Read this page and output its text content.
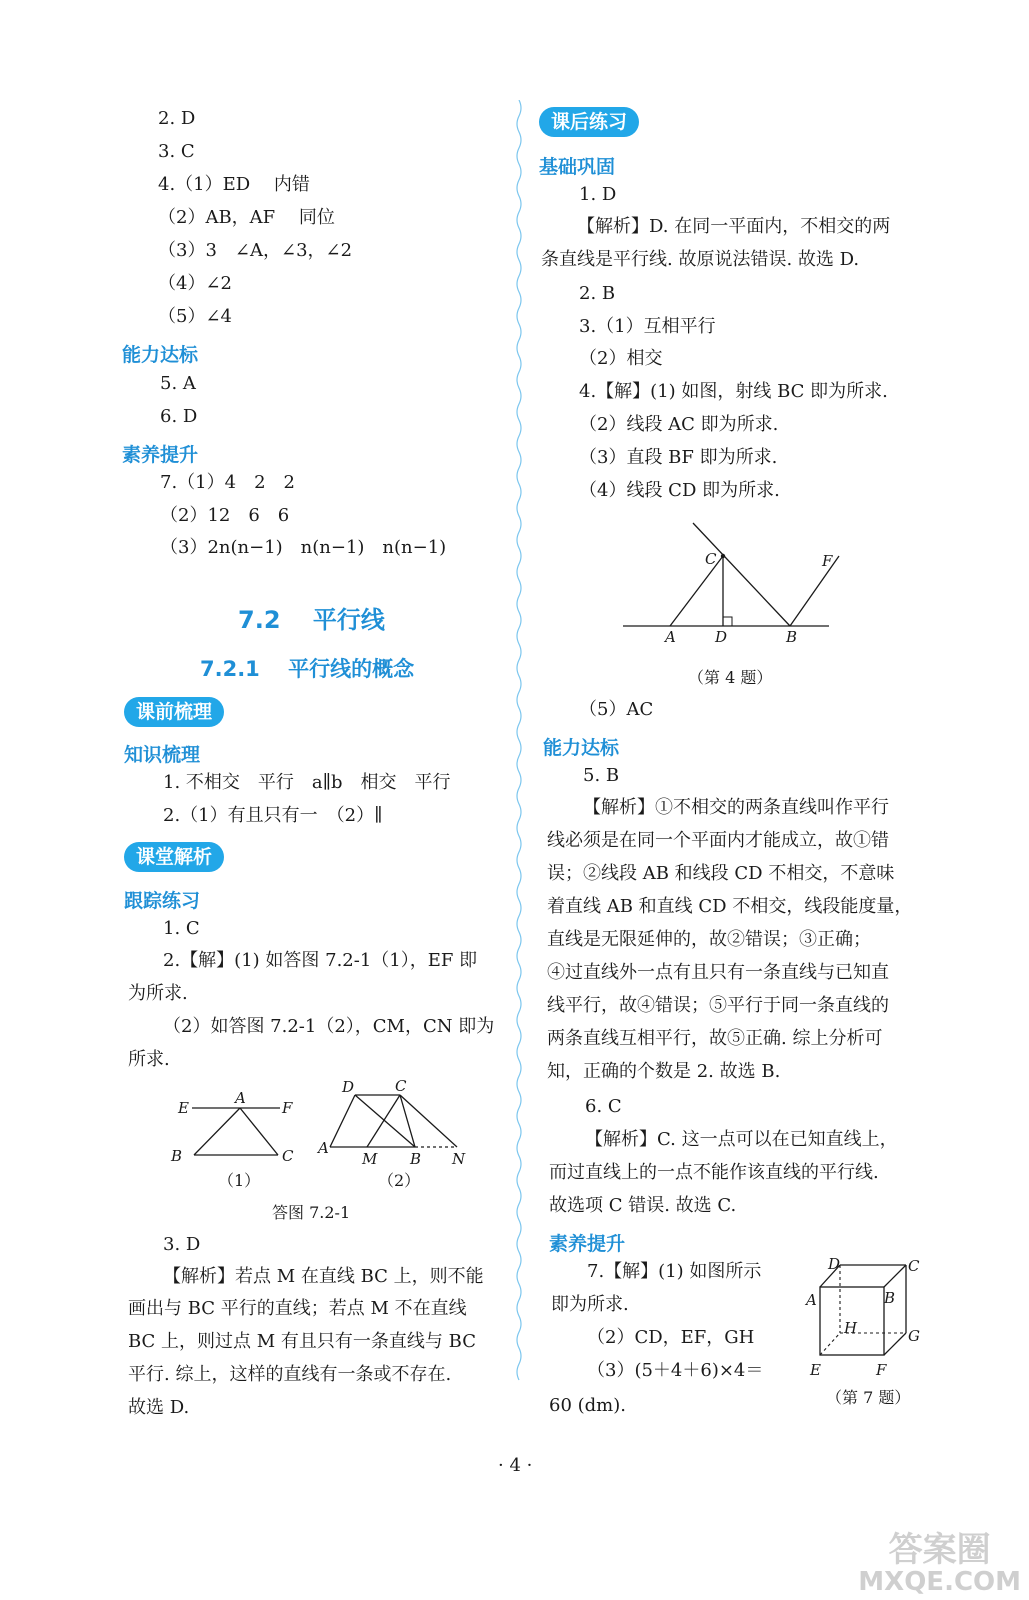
2. D
3. C
4.（1）ED　 内错
（2）AB，AF　 同位
（3）3　∠A，∠3，∠2
（4）∠2
（5）∠4
能力达标
5. A
6. D
素养提升
7.（1）4　2　2
（2）12　6　6
（3）2n(n−1)　n(n−1)　n(n−1)
7.2　 平行线
7.2.1　 平行线的概念
课前梳理
知识梳理
1. 不相交　平行　a∥b　相交　平行
2.（1）有且只有一　（2）∥
课堂解析
跟踪练习
1. C
2.【解】(1) 如答图 7.2-1（1），EF 即
为所求.
（2）如答图 7.2-1（2），CM，CN 即为
所求.
E
A
F
B	C
D	C
A
M B N
（1）	（2）
答图 7.2-1
3. D
【解析】若点 M 在直线 BC 上，则不能
画出与 BC 平行的直线；若点 M 不在直线
BC 上，则过点 M 有且只有一条直线与 BC
平行. 综上，这样的直线有一条或不存在.
故选 D.
课后练习
基础巩固
1. D
【解析】D. 在同一平面内，不相交的两
条直线是平行线. 故原说法错误. 故选 D.
2. B
3.（1）互相平行
（2）相交
4.【解】(1) 如图，射线 BC 即为所求.
（2）线段 AC 即为所求.
（3）直段 BF 即为所求.
（4）线段 CD 即为所求.
C	F
A	D	B
（第 4 题）
（5）AC
能力达标
5. B
【解析】①不相交的两条直线叫作平行
线必须是在同一个平面内才能成立，故①错
误；②线段 AB 和线段 CD 不相交，不意味
着直线 AB 和直线 CD 不相交，线段能度量，
直线是无限延伸的，故②错误；③正确；
④过直线外一点有且只有一条直线与已知直
线平行，故④错误；⑤平行于同一条直线的
两条直线互相平行，故⑤正确. 综上分析可
知，正确的个数是 2. 故选 B.
6. C
【解析】C. 这一点可以在已知直线上，
而过直线上的一点不能作该直线的平行线.
故选项 C 错误. 故选 C.
素养提升
7.【解】(1) 如图所示
即为所求.
（2）CD，EF，GH
（3）(5＋4＋6)×4＝
60 (dm).
D	C
A	B
H	G
E	F
（第 7 题）
· 4 ·
答案圈
MXQE.COM
